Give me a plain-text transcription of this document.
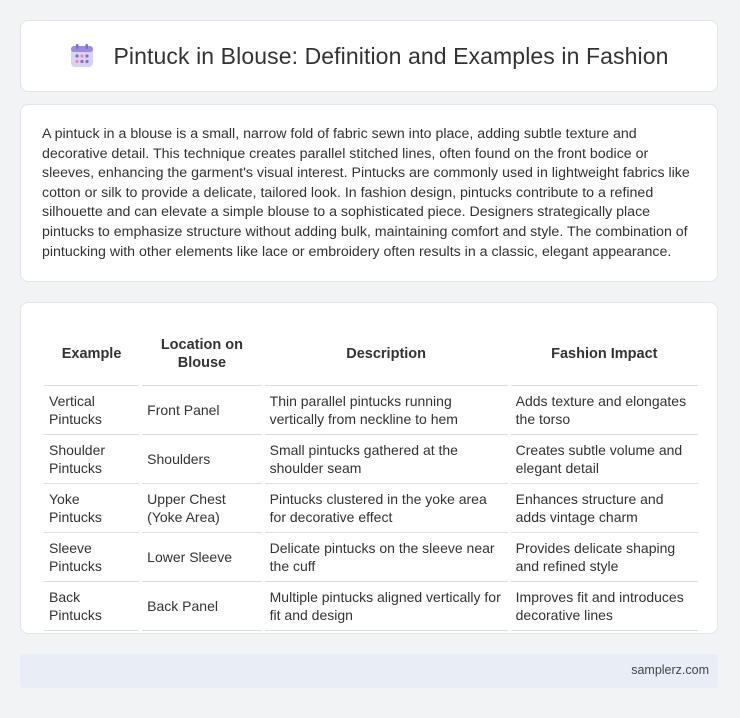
Pintuck in Blouse: Definition and Examples in Fashion

A pintuck in a blouse is a small, narrow fold of fabric sewn into place, adding subtle texture and decorative detail. This technique creates parallel stitched lines, often found on the front bodice or sleeves, enhancing the garment's visual interest. Pintucks are commonly used in lightweight fabrics like cotton or silk to provide a delicate, tailored look. In fashion design, pintucks contribute to a refined silhouette and can elevate a simple blouse to a sophisticated piece. Designers strategically place pintucks to emphasize structure without adding bulk, maintaining comfort and style. The combination of pintucking with other elements like lace or embroidery often results in a classic, elegant appearance.

Example	Location on Blouse	Description	Fashion Impact
Vertical Pintucks	Front Panel	Thin parallel pintucks running vertically from neckline to hem	Adds texture and elongates the torso
Shoulder Pintucks	Shoulders	Small pintucks gathered at the shoulder seam	Creates subtle volume and elegant detail
Yoke Pintucks	Upper Chest (Yoke Area)	Pintucks clustered in the yoke area for decorative effect	Enhances structure and adds vintage charm
Sleeve Pintucks	Lower Sleeve	Delicate pintucks on the sleeve near the cuff	Provides delicate shaping and refined style
Back Pintucks	Back Panel	Multiple pintucks aligned vertically for fit and design	Improves fit and introduces decorative lines
samplerz.com
